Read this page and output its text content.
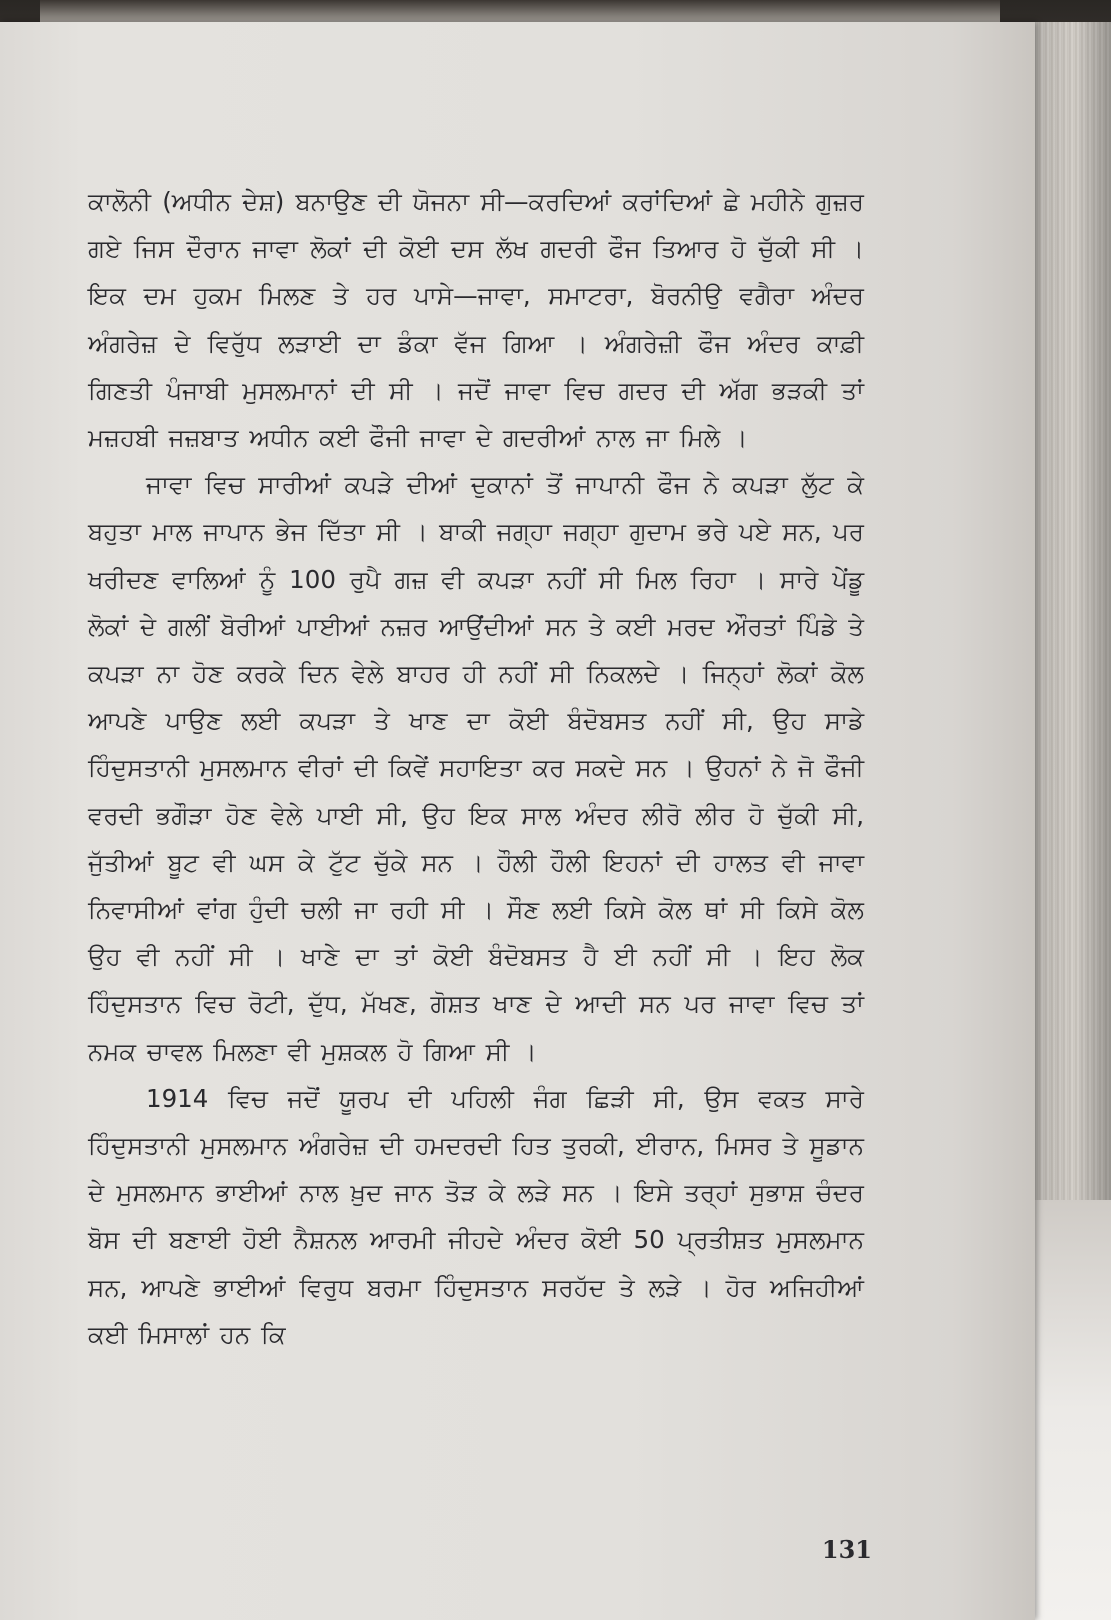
ਕਾਲੋਨੀ (ਅਧੀਨ ਦੇਸ਼) ਬਨਾਉਣ ਦੀ ਯੋਜਨਾ ਸੀ—ਕਰਦਿਆਂ ਕਰਾਂਦਿਆਂ ਛੇ ਮਹੀਨੇ ਗੁਜ਼ਰ ਗਏ ਜਿਸ ਦੌਰਾਨ ਜਾਵਾ ਲੋਕਾਂ ਦੀ ਕੋਈ ਦਸ ਲੱਖ ਗਦਰੀ ਫੌਜ ਤਿਆਰ ਹੋ ਚੁੱਕੀ ਸੀ । ਇਕ ਦਮ ਹੁਕਮ ਮਿਲਣ ਤੇ ਹਰ ਪਾਸੇ—ਜਾਵਾ, ਸਮਾਟਰਾ, ਬੋਰਨੀਉ ਵਗੈਰਾ ਅੰਦਰ ਅੰਗਰੇਜ਼ ਦੇ ਵਿਰੁੱਧ ਲੜਾਈ ਦਾ ਡੰਕਾ ਵੱਜ ਗਿਆ । ਅੰਗਰੇਜ਼ੀ ਫੌਜ ਅੰਦਰ ਕਾਫ਼ੀ ਗਿਣਤੀ ਪੰਜਾਬੀ ਮੁਸਲਮਾਨਾਂ ਦੀ ਸੀ । ਜਦੋਂ ਜਾਵਾ ਵਿਚ ਗਦਰ ਦੀ ਅੱਗ ਭੜਕੀ ਤਾਂ ਮਜ਼ਹਬੀ ਜਜ਼ਬਾਤ ਅਧੀਨ ਕਈ ਫੌਜੀ ਜਾਵਾ ਦੇ ਗਦਰੀਆਂ ਨਾਲ ਜਾ ਮਿਲੇ ।

ਜਾਵਾ ਵਿਚ ਸਾਰੀਆਂ ਕਪੜੇ ਦੀਆਂ ਦੁਕਾਨਾਂ ਤੋਂ ਜਾਪਾਨੀ ਫੌਜ ਨੇ ਕਪੜਾ ਲੁੱਟ ਕੇ ਬਹੁਤਾ ਮਾਲ ਜਾਪਾਨ ਭੇਜ ਦਿੱਤਾ ਸੀ । ਬਾਕੀ ਜਗ੍ਹਾ ਜਗ੍ਹਾ ਗੁਦਾਮ ਭਰੇ ਪਏ ਸਨ, ਪਰ ਖਰੀਦਣ ਵਾਲਿਆਂ ਨੂੰ 100 ਰੁਪੈ ਗਜ਼ ਵੀ ਕਪੜਾ ਨਹੀਂ ਸੀ ਮਿਲ ਰਿਹਾ । ਸਾਰੇ ਪੇਂਡੂ ਲੋਕਾਂ ਦੇ ਗਲੀਂ ਬੋਰੀਆਂ ਪਾਈਆਂ ਨਜ਼ਰ ਆਉਂਦੀਆਂ ਸਨ ਤੇ ਕਈ ਮਰਦ ਔਰਤਾਂ ਪਿੰਡੇ ਤੇ ਕਪੜਾ ਨਾ ਹੋਣ ਕਰਕੇ ਦਿਨ ਵੇਲੇ ਬਾਹਰ ਹੀ ਨਹੀਂ ਸੀ ਨਿਕਲਦੇ । ਜਿਨ੍ਹਾਂ ਲੋਕਾਂ ਕੋਲ ਆਪਣੇ ਪਾਉਣ ਲਈ ਕਪੜਾ ਤੇ ਖਾਣ ਦਾ ਕੋਈ ਬੰਦੋਬਸਤ ਨਹੀਂ ਸੀ, ਉਹ ਸਾਡੇ ਹਿੰਦੁਸਤਾਨੀ ਮੁਸਲਮਾਨ ਵੀਰਾਂ ਦੀ ਕਿਵੇਂ ਸਹਾਇਤਾ ਕਰ ਸਕਦੇ ਸਨ । ਉਹਨਾਂ ਨੇ ਜੋ ਫੌਜੀ ਵਰਦੀ ਭਗੌੜਾ ਹੋਣ ਵੇਲੇ ਪਾਈ ਸੀ, ਉਹ ਇਕ ਸਾਲ ਅੰਦਰ ਲੀਰੋ ਲੀਰ ਹੋ ਚੁੱਕੀ ਸੀ, ਜੁੱਤੀਆਂ ਬੂਟ ਵੀ ਘਸ ਕੇ ਟੁੱਟ ਚੁੱਕੇ ਸਨ । ਹੌਲੀ ਹੌਲੀ ਇਹਨਾਂ ਦੀ ਹਾਲਤ ਵੀ ਜਾਵਾ ਨਿਵਾਸੀਆਂ ਵਾਂਗ ਹੁੰਦੀ ਚਲੀ ਜਾ ਰਹੀ ਸੀ । ਸੌਣ ਲਈ ਕਿਸੇ ਕੋਲ ਥਾਂ ਸੀ ਕਿਸੇ ਕੋਲ ਉਹ ਵੀ ਨਹੀਂ ਸੀ । ਖਾਣੇ ਦਾ ਤਾਂ ਕੋਈ ਬੰਦੋਬਸਤ ਹੈ ਈ ਨਹੀਂ ਸੀ । ਇਹ ਲੋਕ ਹਿੰਦੁਸਤਾਨ ਵਿਚ ਰੋਟੀ, ਦੁੱਧ, ਮੱਖਣ, ਗੋਸ਼ਤ ਖਾਣ ਦੇ ਆਦੀ ਸਨ ਪਰ ਜਾਵਾ ਵਿਚ ਤਾਂ ਨਮਕ ਚਾਵਲ ਮਿਲਣਾ ਵੀ ਮੁਸ਼ਕਲ ਹੋ ਗਿਆ ਸੀ ।

1914 ਵਿਚ ਜਦੋਂ ਯੂਰਪ ਦੀ ਪਹਿਲੀ ਜੰਗ ਛਿੜੀ ਸੀ, ਉਸ ਵਕਤ ਸਾਰੇ ਹਿੰਦੁਸਤਾਨੀ ਮੁਸਲਮਾਨ ਅੰਗਰੇਜ਼ ਦੀ ਹਮਦਰਦੀ ਹਿਤ ਤੁਰਕੀ, ਈਰਾਨ, ਮਿਸਰ ਤੇ ਸੂਡਾਨ ਦੇ ਮੁਸਲਮਾਨ ਭਾਈਆਂ ਨਾਲ ਖ਼ੁਦ ਜਾਨ ਤੋੜ ਕੇ ਲੜੇ ਸਨ । ਇਸੇ ਤਰ੍ਹਾਂ ਸੁਭਾਸ਼ ਚੰਦਰ ਬੋਸ ਦੀ ਬਣਾਈ ਹੋਈ ਨੈਸ਼ਨਲ ਆਰਮੀ ਜੀਹਦੇ ਅੰਦਰ ਕੋਈ 50 ਪ੍ਰਤੀਸ਼ਤ ਮੁਸਲਮਾਨ ਸਨ, ਆਪਣੇ ਭਾਈਆਂ ਵਿਰੁਧ ਬਰਮਾ ਹਿੰਦੁਸਤਾਨ ਸਰਹੱਦ ਤੇ ਲੜੇ । ਹੋਰ ਅਜਿਹੀਆਂ ਕਈ ਮਿਸਾਲਾਂ ਹਨ ਕਿ

131
